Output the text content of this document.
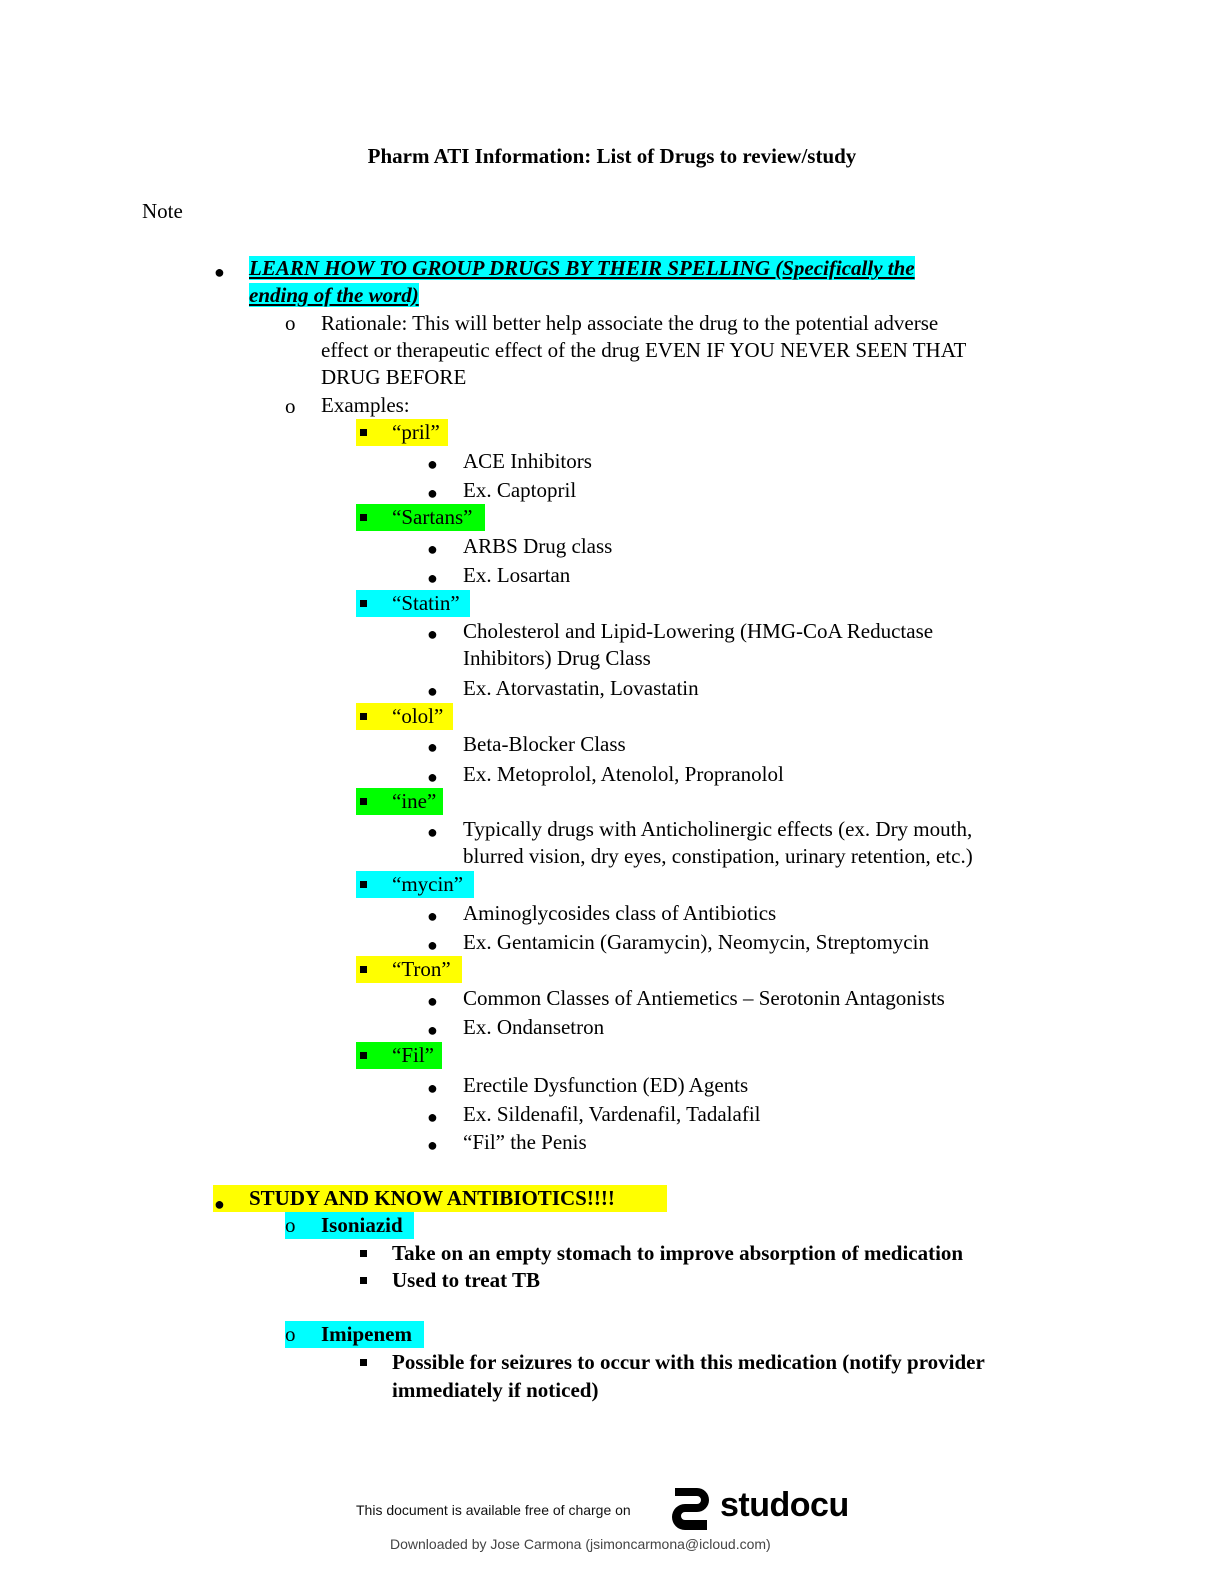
Pharm ATI Information: List of Drugs to review/study
Note
● LEARN HOW TO GROUP DRUGS BY THEIR SPELLING (Specifically the
ending of the word)
o Rationale: This will better help associate the drug to the potential adverse
effect or therapeutic effect of the drug EVEN IF YOU NEVER SEEN THAT
DRUG BEFORE
o Examples:
“pril”
● ACE Inhibitors
● Ex. Captopril
“Sartans”
● ARBS Drug class
● Ex. Losartan
“Statin”
● Cholesterol and Lipid-Lowering (HMG-CoA Reductase
Inhibitors) Drug Class
● Ex. Atorvastatin, Lovastatin
“olol”
● Beta-Blocker Class
● Ex. Metoprolol, Atenolol, Propranolol
“ine”
● Typically drugs with Anticholinergic effects (ex. Dry mouth,
blurred vision, dry eyes, constipation, urinary retention, etc.)
“mycin”
● Aminoglycosides class of Antibiotics
● Ex. Gentamicin (Garamycin), Neomycin, Streptomycin
“Tron”
● Common Classes of Antiemetics – Serotonin Antagonists
● Ex. Ondansetron
“Fil”
● Erectile Dysfunction (ED) Agents
● Ex. Sildenafil, Vardenafil, Tadalafil
● “Fil” the Penis
● STUDY AND KNOW ANTIBIOTICS!!!!
o Isoniazid
Take on an empty stomach to improve absorption of medication
Used to treat TB
o Imipenem
Possible for seizures to occur with this medication (notify provider
immediately if noticed)
This document is available free of charge on	studocu
Downloaded by Jose Carmona (jsimoncarmona@icloud.com)
